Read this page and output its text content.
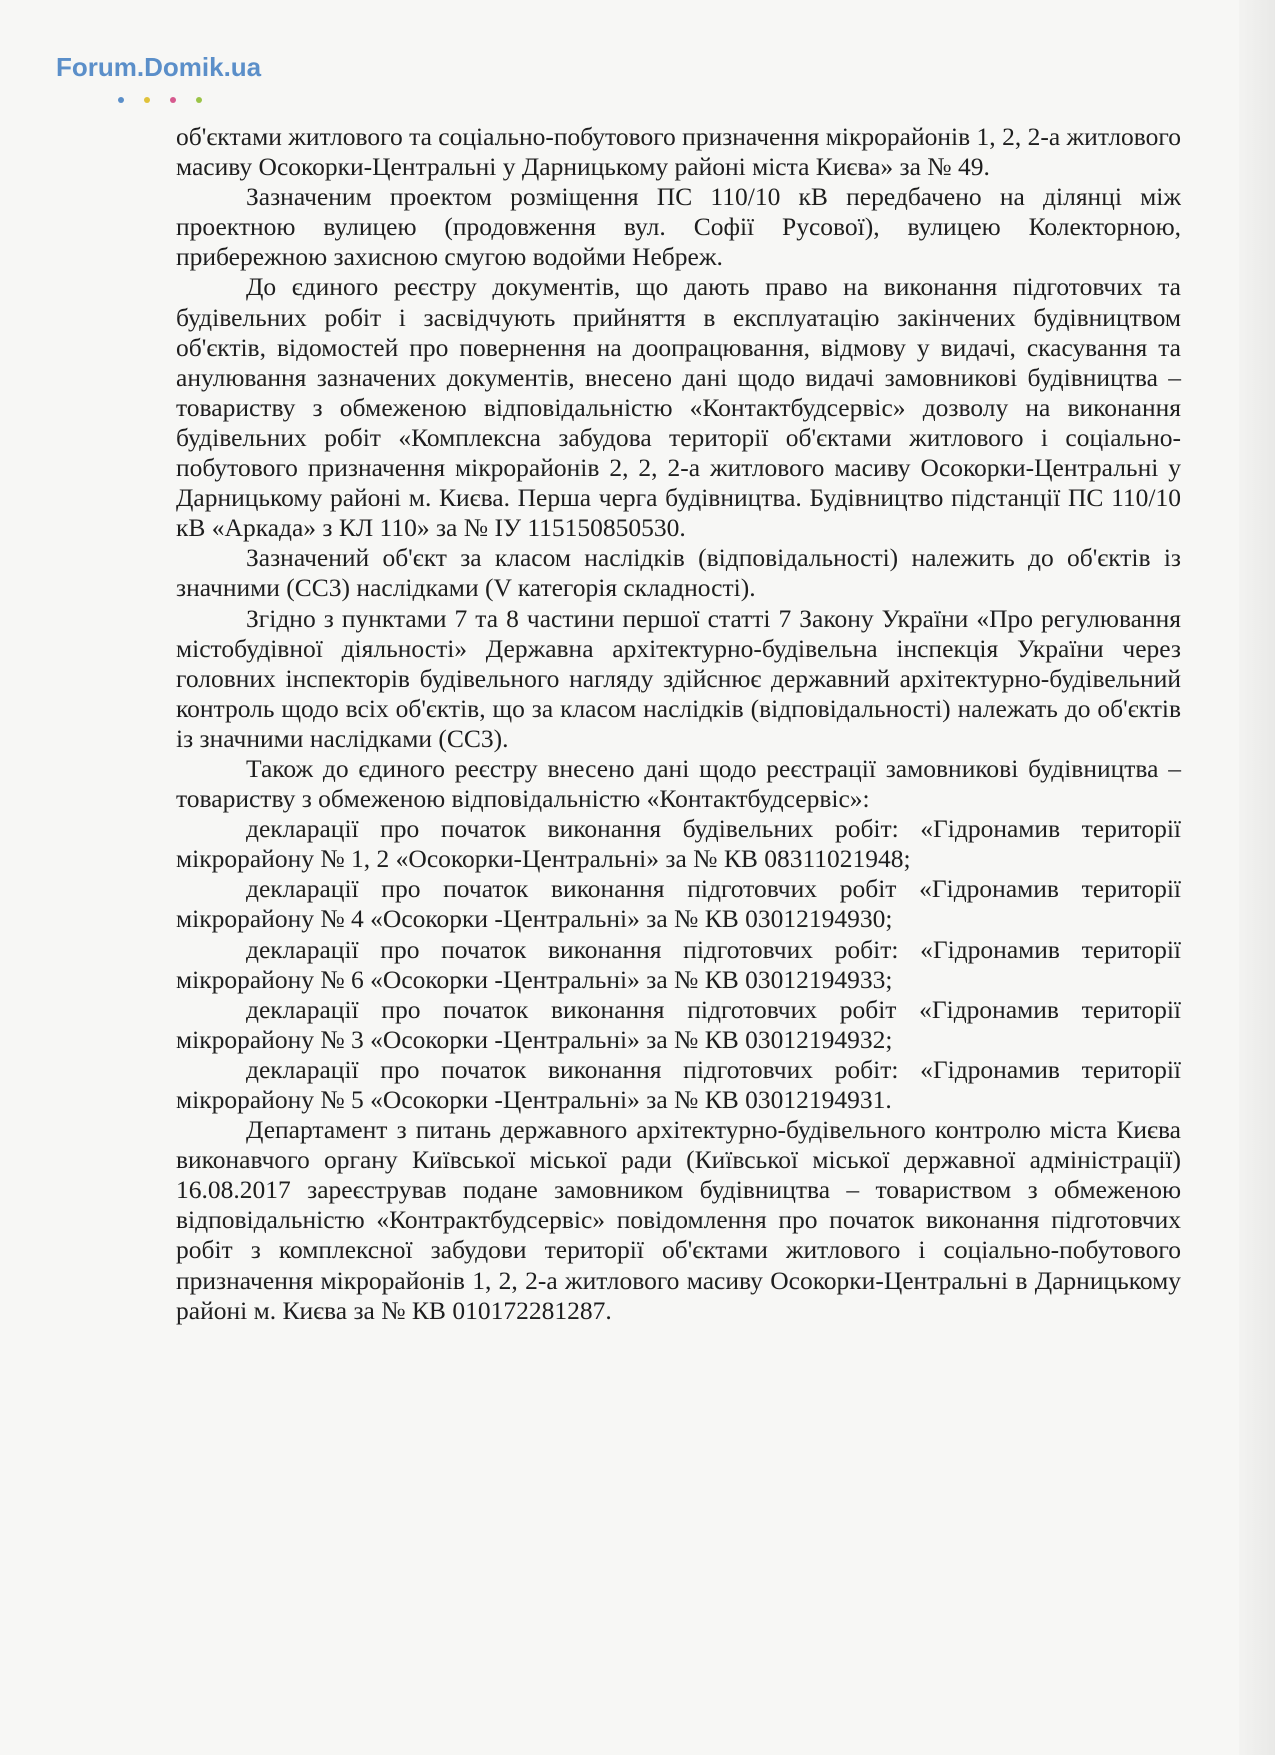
Forum.Domik.ua

об'єктами житлового та соціально-побутового призначення мікрорайонів 1, 2, 2-а житлового масиву Осокорки-Центральні у Дарницькому районі міста Києва» за № 49.

Зазначеним проектом розміщення ПС 110/10 кВ передбачено на ділянці між проектною вулицею (продовження вул. Софії Русової), вулицею Колекторною, прибережною захисною смугою водойми Небреж.

До єдиного реєстру документів, що дають право на виконання підготовчих та будівельних робіт і засвідчують прийняття в експлуатацію закінчених будівництвом об'єктів, відомостей про повернення на доопрацювання, відмову у видачі, скасування та анулювання зазначених документів, внесено дані щодо видачі замовникові будівництва – товариству з обмеженою відповідальністю «Контактбудсервіс» дозволу на виконання будівельних робіт «Комплексна забудова території об'єктами житлового і соціально-побутового призначення мікрорайонів 2, 2, 2-а житлового масиву Осокорки-Центральні у Дарницькому районі м. Києва. Перша черга будівництва. Будівництво підстанції ПС 110/10 кВ «Аркада» з КЛ 110» за № ІУ 115150850530.

Зазначений об'єкт за класом наслідків (відповідальності) належить до об'єктів із значними (СС3) наслідками (V категорія складності).

Згідно з пунктами 7 та 8 частини першої статті 7 Закону України «Про регулювання містобудівної діяльності» Державна архітектурно-будівельна інспекція України через головних інспекторів будівельного нагляду здійснює державний архітектурно-будівельний контроль щодо всіх об'єктів, що за класом наслідків (відповідальності) належать до об'єктів із значними наслідками (СС3).

Також до єдиного реєстру внесено дані щодо реєстрації замовникові будівництва – товариству з обмеженою відповідальністю «Контактбудсервіс»:

декларації про початок виконання будівельних робіт: «Гідронамив території мікрорайону № 1, 2 «Осокорки-Центральні» за № КВ 08311021948;

декларації про початок виконання підготовчих робіт «Гідронамив території мікрорайону № 4 «Осокорки -Центральні» за № КВ 03012194930;

декларації про початок виконання підготовчих робіт: «Гідронамив території мікрорайону № 6 «Осокорки -Центральні» за № КВ 03012194933;

декларації про початок виконання підготовчих робіт «Гідронамив території мікрорайону № 3 «Осокорки -Центральні» за № КВ 03012194932;

декларації про початок виконання підготовчих робіт: «Гідронамив території мікрорайону № 5 «Осокорки -Центральні» за № КВ 03012194931.

Департамент з питань державного архітектурно-будівельного контролю міста Києва виконавчого органу Київської міської ради (Київської міської державної адміністрації) 16.08.2017 зареєстрував подане замовником будівництва – товариством з обмеженою відповідальністю «Контрактбудсервіс» повідомлення про початок виконання підготовчих робіт з комплексної забудови території об'єктами житлового і соціально-побутового призначення мікрорайонів 1, 2, 2-а житлового масиву Осокорки-Центральні в Дарницькому районі м. Києва за № КВ 010172281287.
